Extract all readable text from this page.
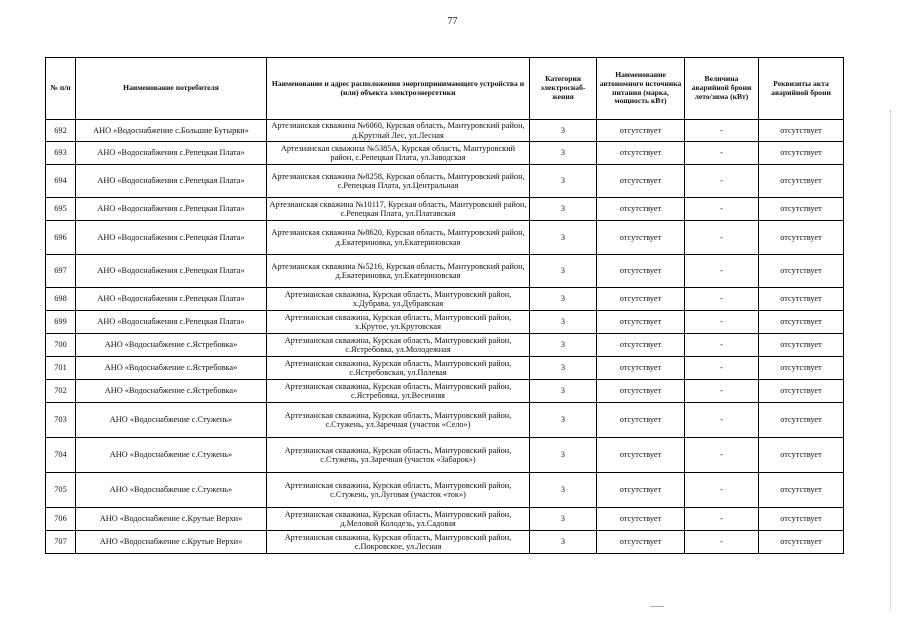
77
№ п/п	Наименование потребителя	Наименование и адрес расположения энергопринимающего устройства и (или) объекта электроэнергетики	Категория электроснаб-жения	Наименование автономного источника питания (марка, мощность кВт)	Величина аварийной брони лето/зима (кВт)	Реквизиты акта аварийной брони
692	АНО «Водоснабжение с.Большие Бутырки»	Артезианская скважина №6060, Курская область, Мантуровский район, д.Круглый Лес, ул.Лесная	3	отсутствует	-	отсутствует
693	АНО «Водоснабжения с.Репецкая Плата»	Артезианская скважина №5385А, Курская область, Мантуровский район, с.Репецкая Плата, ул.Заводская	3	отсутствует	-	отсутствует
694	АНО «Водоснабжения с.Репецкая Плата»	Артезианская скважина №8258, Курская область, Мантуровский район, с.Репецкая Плата, ул.Центральная	3	отсутствует	-	отсутствует
695	АНО «Водоснабжения с.Репецкая Плата»	Артезианская скважина №10117, Курская область, Мантуровский район, с.Репецкая Плата, ул.Платавская	3	отсутствует	-	отсутствует
696	АНО «Водоснабжения с.Репецкая Плата»	Артезианская скважина №8620, Курская область, Мантуровский район, д.Екатериновка, ул.Екатериновская	3	отсутствует	-	отсутствует
697	АНО «Водоснабжения с.Репецкая Плата»	Артезианская скважина №5216, Курская область, Мантуровский район, д.Екатериновка, ул.Екатериновская	3	отсутствует	-	отсутствует
698	АНО «Водоснабжения с.Репецкая Плата»	Артезианская скважина, Курская область, Мантуровский район, х.Дубрава, ул.Дубравская	3	отсутствует	-	отсутствует
699	АНО «Водоснабжения с.Репецкая Плата»	Артезианская скважина, Курская область, Мантуровский район, х.Крутое, ул.Крутовская	3	отсутствует	-	отсутствует
700	АНО «Водоснабжение с.Ястребовка»	Артезианская скважина, Курская область, Мантуровский район, с.Ястребовка, ул.Молодежная	3	отсутствует	-	отсутствует
701	АНО «Водоснабжение с.Ястребовка»	Артезианская скважина, Курская область, Мантуровский район, с.Ястребовская, ул.Полевая	3	отсутствует	-	отсутствует
702	АНО «Водоснабжение с.Ястребовка»	Артезианская скважина, Курская область, Мантуровский район, с.Ястребовка, ул.Весенняя	3	отсутствует	-	отсутствует
703	АНО «Водоснабжение с.Стужень»	Артезианская скважина, Курская область, Мантуровский район, с.Стужень, ул.Заречная (участок «Село»)	3	отсутствует	-	отсутствует
704	АНО «Водоснабжение с.Стужень»	Артезианская скважина, Курская область, Мантуровский район, с.Стужень, ул.Заречная (участок «Забарок»)	3	отсутствует	-	отсутствует
705	АНО «Водоснабжение с.Стужень»	Артезианская скважина, Курская область, Мантуровский район, с.Стужень, ул.Луговая (участок «ток»)	3	отсутствует	-	отсутствует
706	АНО «Водоснабжение с.Крутые Верхи»	Артезианская скважина, Курская область, Мантуровский район, д.Меловой Колодезь, ул.Садовая	3	отсутствует	-	отсутствует
707	АНО «Водоснабжение с.Крутые Верхи»	Артезианская скважина, Курская область, Мантуровский район, с.Покровское, ул.Лесная	3	отсутствует	-	отсутствует
